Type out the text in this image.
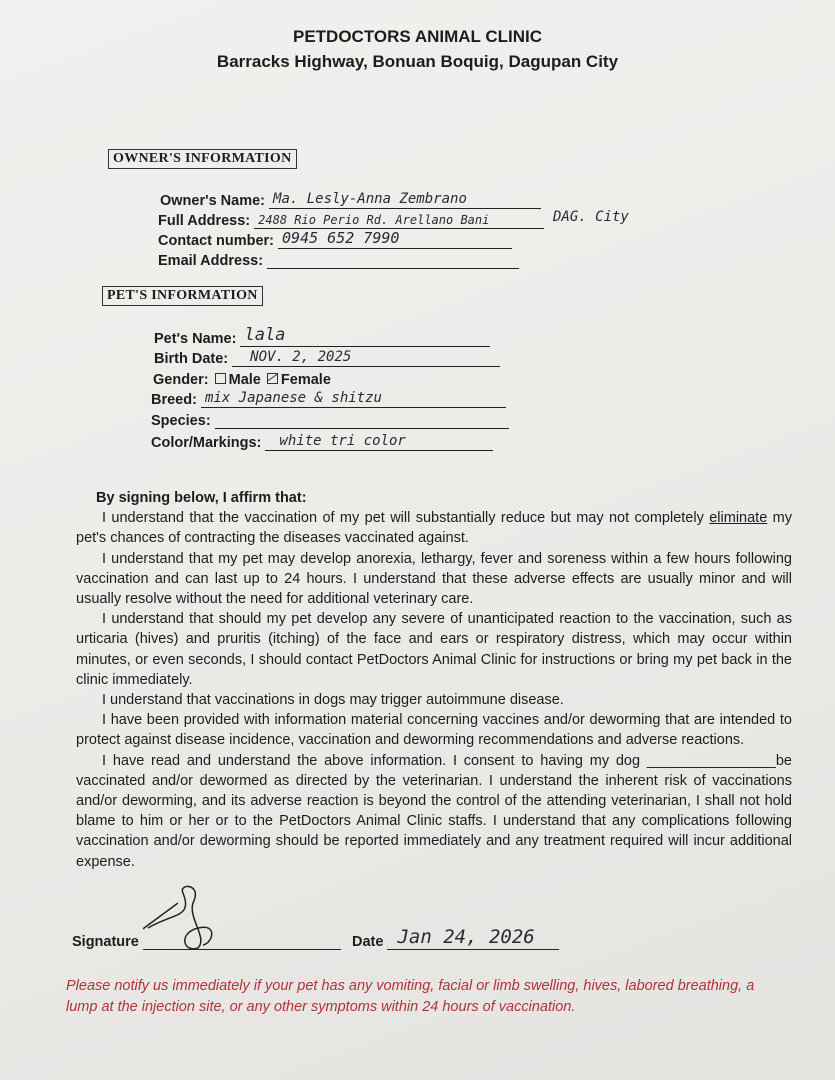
PETDOCTORS ANIMAL CLINIC
Barracks Highway, Bonuan Boquig, Dagupan City
OWNER'S INFORMATION
Owner's Name: Ma. Lesly-Anna Zembrano
Full Address: 2488 Rio Perio Rd. Arellano Bani	DAG. City
Contact number: 0945 652 7990
Email Address:
PET'S INFORMATION
Pet's Name: lala
Birth Date: NOV. 2, 2025
Gender: Male Female
Breed: mix Japanese & shitzu
Species:
Color/Markings: white tri color

By signing below, I affirm that:

I understand that the vaccination of my pet will substantially reduce but may not completely eliminate my pet's chances of contracting the diseases vaccinated against.

I understand that my pet may develop anorexia, lethargy, fever and soreness within a few hours following vaccination and can last up to 24 hours. I understand that these adverse effects are usually minor and will usually resolve without the need for additional veterinary care.

I understand that should my pet develop any severe of unanticipated reaction to the vaccination, such as urticaria (hives) and pruritis (itching) of the face and ears or respiratory distress, which may occur within minutes, or even seconds, I should contact PetDoctors Animal Clinic for instructions or bring my pet back in the clinic immediately.

I understand that vaccinations in dogs may trigger autoimmune disease.

I have been provided with information material concerning vaccines and/or deworming that are intended to protect against disease incidence, vaccination and deworming recommendations and adverse reactions.

I have read and understand the above information. I consent to having my dog ________________be vaccinated and/or dewormed as directed by the veterinarian. I understand the inherent risk of vaccinations and/or deworming, and its adverse reaction is beyond the control of the attending veterinarian, I shall not hold blame to him or her or to the PetDoctors Animal Clinic staffs. I understand that any complications following vaccination and/or deworming should be reported immediately and any treatment required will incur additional expense.

Signature	Date Jan 24, 2026
Please notify us immediately if your pet has any vomiting, facial or limb swelling, hives, labored breathing, a lump at the injection site, or any other symptoms within 24 hours of vaccination.
